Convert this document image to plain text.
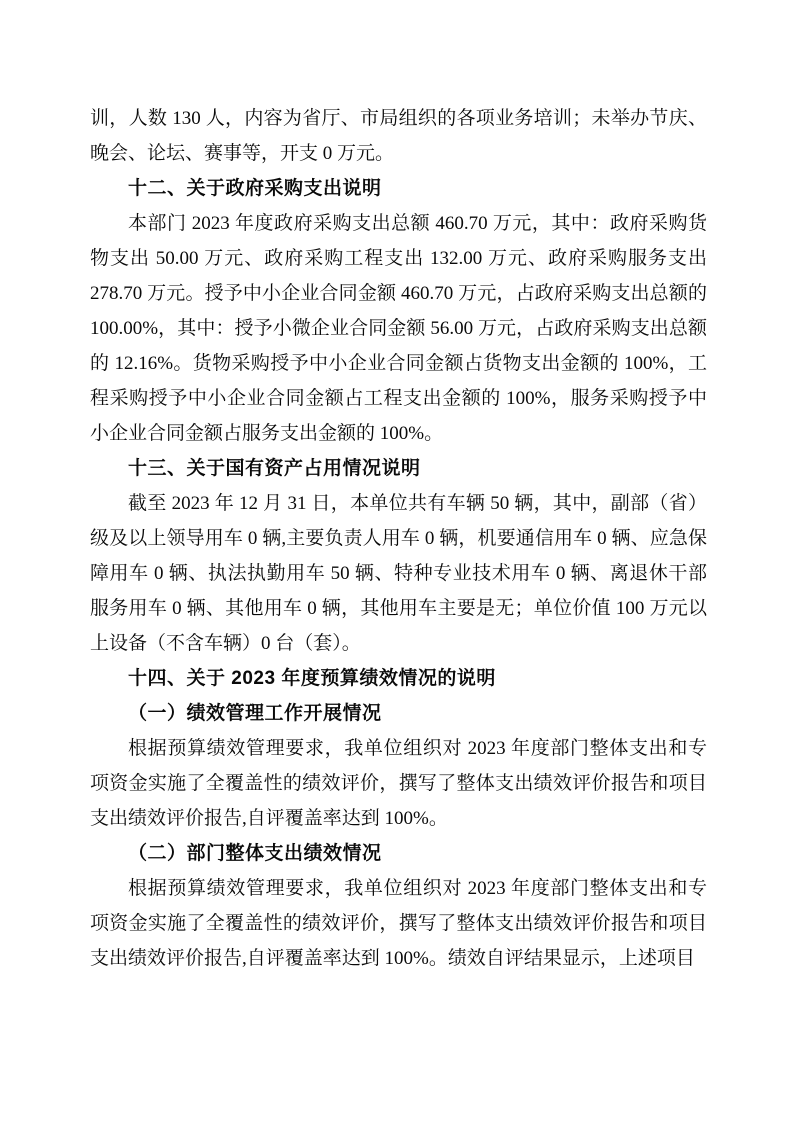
训，人数 130 人，内容为省厅、市局组织的各项业务培训；未举办节庆、晚会、论坛、赛事等，开支 0 万元。

十二、关于政府采购支出说明

本部门 2023 年度政府采购支出总额 460.70 万元，其中：政府采购货物支出 50.00 万元、政府采购工程支出 132.00 万元、政府采购服务支出 278.70 万元。授予中小企业合同金额 460.70 万元，占政府采购支出总额的 100.00%，其中：授予小微企业合同金额 56.00 万元，占政府采购支出总额的 12.16%。货物采购授予中小企业合同金额占货物支出金额的 100%，工程采购授予中小企业合同金额占工程支出金额的 100%，服务采购授予中小企业合同金额占服务支出金额的 100%。

十三、关于国有资产占用情况说明

截至 2023 年 12 月 31 日，本单位共有车辆 50 辆，其中，副部（省）级及以上领导用车 0 辆,主要负责人用车 0 辆，机要通信用车 0 辆、应急保障用车 0 辆、执法执勤用车 50 辆、特种专业技术用车 0 辆、离退休干部服务用车 0 辆、其他用车 0 辆，其他用车主要是无；单位价值 100 万元以上设备（不含车辆）0 台（套）。

十四、关于 2023 年度预算绩效情况的说明

（一）绩效管理工作开展情况

根据预算绩效管理要求，我单位组织对 2023 年度部门整体支出和专项资金实施了全覆盖性的绩效评价，撰写了整体支出绩效评价报告和项目支出绩效评价报告,自评覆盖率达到 100%。

（二）部门整体支出绩效情况

根据预算绩效管理要求，我单位组织对 2023 年度部门整体支出和专项资金实施了全覆盖性的绩效评价，撰写了整体支出绩效评价报告和项目支出绩效评价报告,自评覆盖率达到 100%。绩效自评结果显示，上述项目
